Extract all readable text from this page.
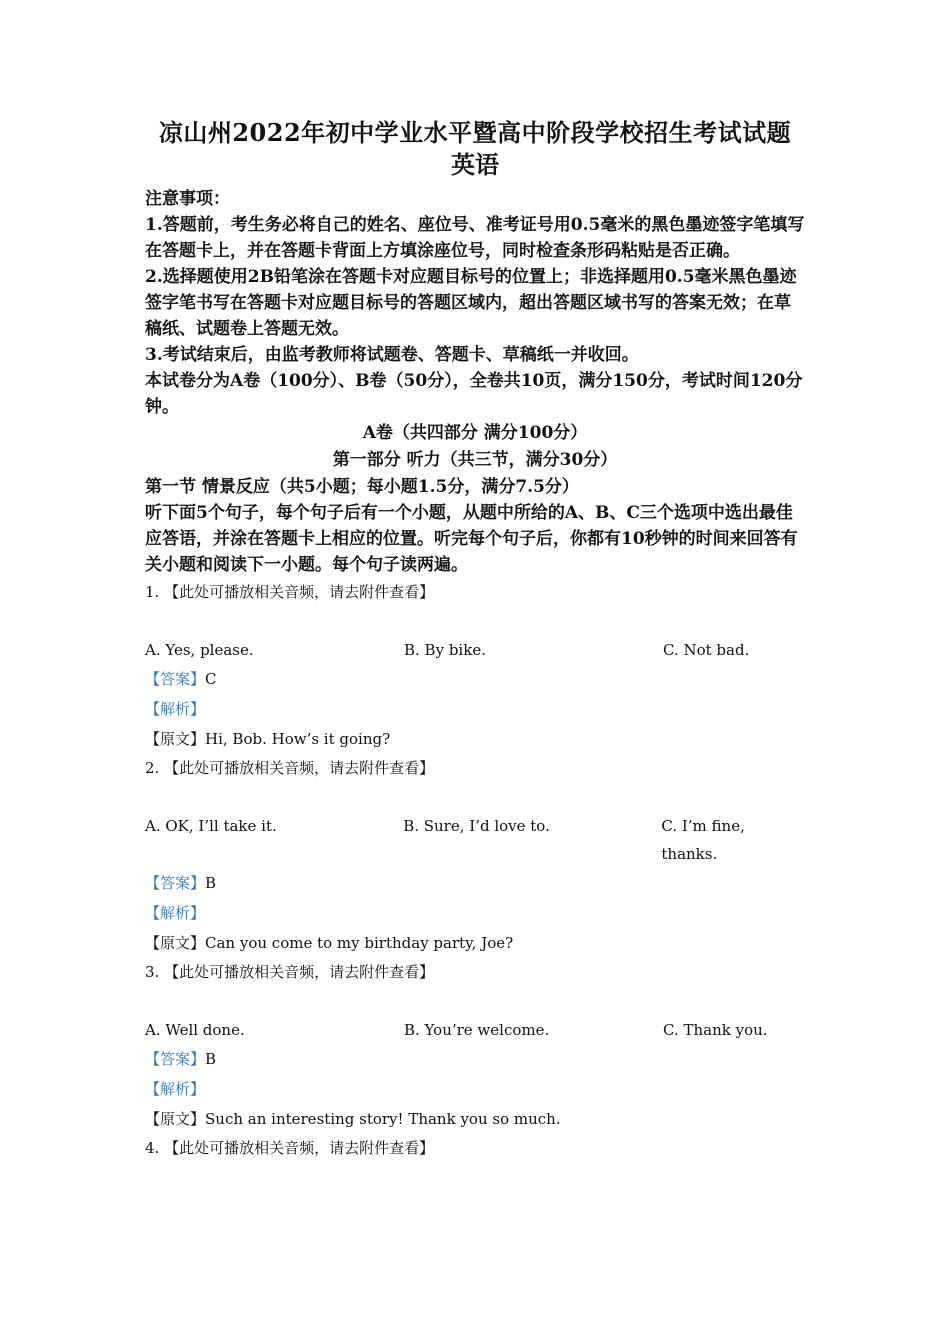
凉山州2022年初中学业水平暨高中阶段学校招生考试试题
英语

注意事项：

1.答题前，考生务必将自己的姓名、座位号、准考证号用0.5毫米的黑色墨迹签字笔填写在答题卡上，并在答题卡背面上方填涂座位号，同时检查条形码粘贴是否正确。

2.选择题使用2B铅笔涂在答题卡对应题目标号的位置上；非选择题用0.5毫米黑色墨迹签字笔书写在答题卡对应题目标号的答题区域内，超出答题区域书写的答案无效；在草稿纸、试题卷上答题无效。

3.考试结束后，由监考教师将试题卷、答题卡、草稿纸一并收回。

本试卷分为A卷（100分）、B卷（50分），全卷共10页，满分150分，考试时间120分钟。

A卷（共四部分 满分100分）

第一部分 听力（共三节，满分30分）

第一节 情景反应（共5小题；每小题1.5分，满分7.5分）

听下面5个句子，每个句子后有一个小题，从题中所给的A、B、C三个选项中选出最佳应答语，并涂在答题卡上相应的位置。听完每个句子后，你都有10秒钟的时间来回答有关小题和阅读下一小题。每个句子读两遍。

1. 【此处可播放相关音频，请去附件查看】

A. Yes, please.	B. By bike.	C. Not bad.

【答案】C

【解析】

【原文】Hi, Bob. How’s it going?

2. 【此处可播放相关音频，请去附件查看】

A. OK, I’ll take it.	B. Sure, I’d love to.	C. I’m fine, thanks.

【答案】B

【解析】

【原文】Can you come to my birthday party, Joe?

3. 【此处可播放相关音频，请去附件查看】

A. Well done.	B. You’re welcome.	C. Thank you.

【答案】B

【解析】

【原文】Such an interesting story! Thank you so much.

4. 【此处可播放相关音频，请去附件查看】
